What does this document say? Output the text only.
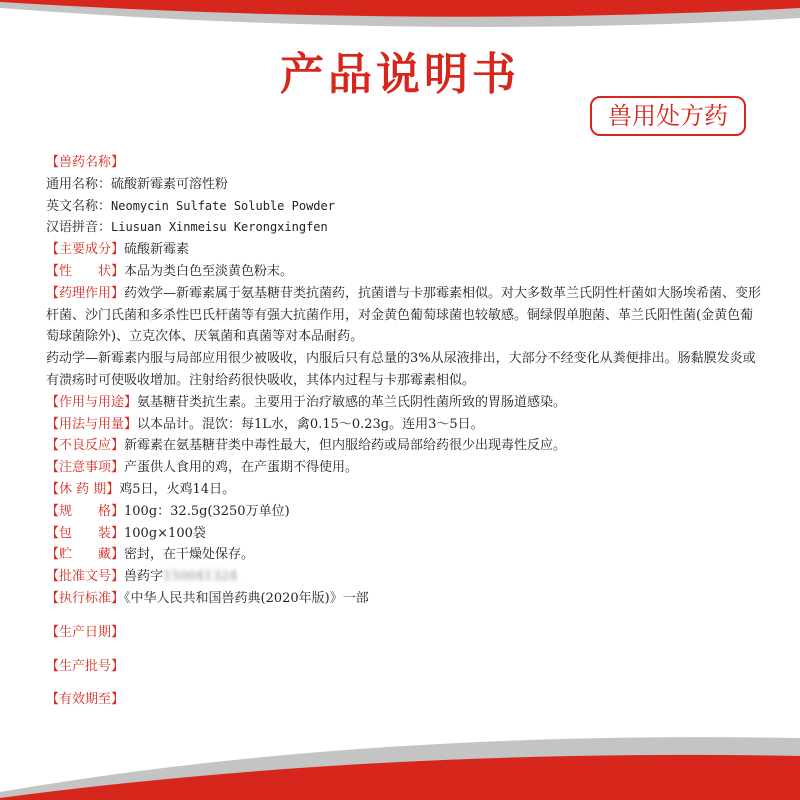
产品说明书
兽用处方药
【兽药名称】
通用名称：硫酸新霉素可溶性粉
英文名称：Neomycin Sulfate Soluble Powder
汉语拼音：Liusuan Xinmeisu Kerongxingfen
【主要成分】硫酸新霉素
【性　　状】本品为类白色至淡黄色粉末。
【药理作用】药效学—新霉素属于氨基糖苷类抗菌药，抗菌谱与卡那霉素相似。对大多数革兰氏阴性杆菌如大肠埃希菌、变形杆菌、沙门氏菌和多杀性巴氏杆菌等有强大抗菌作用，对金黄色葡萄球菌也较敏感。铜绿假单胞菌、革兰氏阳性菌(金黄色葡萄球菌除外)、立克次体、厌氧菌和真菌等对本品耐药。
药动学—新霉素内服与局部应用很少被吸收，内服后只有总量的3%从尿液排出，大部分不经变化从粪便排出。肠黏膜发炎或有溃疡时可使吸收增加。注射给药很快吸收，其体内过程与卡那霉素相似。
【作用与用途】氨基糖苷类抗生素。主要用于治疗敏感的革兰氏阴性菌所致的胃肠道感染。
【用法与用量】以本品计。混饮：每1L水，禽0.15～0.23g。连用3～5日。
【不良反应】新霉素在氨基糖苷类中毒性最大，但内服给药或局部给药很少出现毒性反应。
【注意事项】产蛋供人食用的鸡，在产蛋期不得使用。
【休 药 期】鸡5日，火鸡14日。
【规　　格】100g：32.5g(3250万单位)
【包　　装】100g×100袋
【贮　　藏】密封，在干燥处保存。
【批准文号】兽药字150041324
【执行标准】《中华人民共和国兽药典(2020年版)》一部
【生产日期】
【生产批号】
【有效期至】
